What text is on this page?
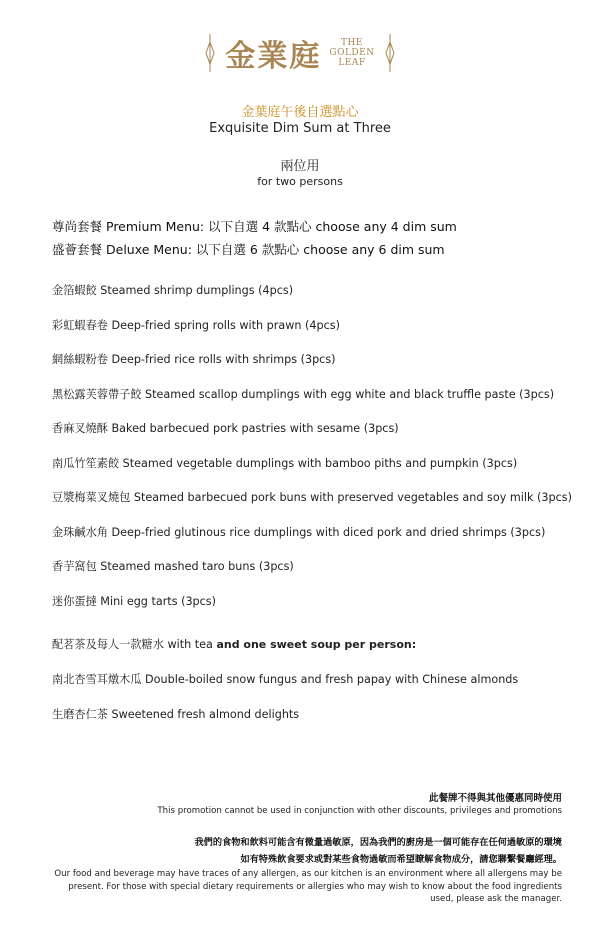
金業庭	THE
GOLDEN
LEAF
金葉庭午後自選點心
Exquisite Dim Sum at Three
兩位用
for two persons
尊尚套餐 Premium Menu: 以下自選 4 款點心 choose any 4 dim sum
盛薈套餐 Deluxe Menu: 以下自選 6 款點心 choose any 6 dim sum
金箔蝦餃 Steamed shrimp dumplings (4pcs)
彩虹蝦春卷 Deep-fried spring rolls with prawn (4pcs)
網絲蝦粉卷 Deep-fried rice rolls with shrimps (3pcs)
黑松露芙蓉帶子餃 Steamed scallop dumplings with egg white and black truffle paste (3pcs)
香麻叉燒酥 Baked barbecued pork pastries with sesame (3pcs)
南瓜竹笙素餃 Steamed vegetable dumplings with bamboo piths and pumpkin (3pcs)
豆漿梅菜叉燒包 Steamed barbecued pork buns with preserved vegetables and soy milk (3pcs)
金珠鹹水角 Deep-fried glutinous rice dumplings with diced pork and dried shrimps (3pcs)
香芋窩包 Steamed mashed taro buns (3pcs)
迷你蛋撻 Mini egg tarts (3pcs)
配茗茶及每人一款糖水 with tea and one sweet soup per person:
南北杏雪耳燉木瓜 Double-boiled snow fungus and fresh papay with Chinese almonds
生磨杏仁茶 Sweetened fresh almond delights
此餐牌不得與其他優惠同時使用
This promotion cannot be used in conjunction with other discounts, privileges and promotions
我們的食物和飲料可能含有微量過敏原，因為我們的廚房是一個可能存在任何過敏原的環境
如有特殊飲食要求或對某些食物過敏而希望瞭解食物成分，請您聯繫餐廳經理。
Our food and beverage may have traces of any allergen, as our kitchen is an environment where all allergens may be
present. For those with special dietary requirements or allergies who may wish to know about the food ingredients
used, please ask the manager.
